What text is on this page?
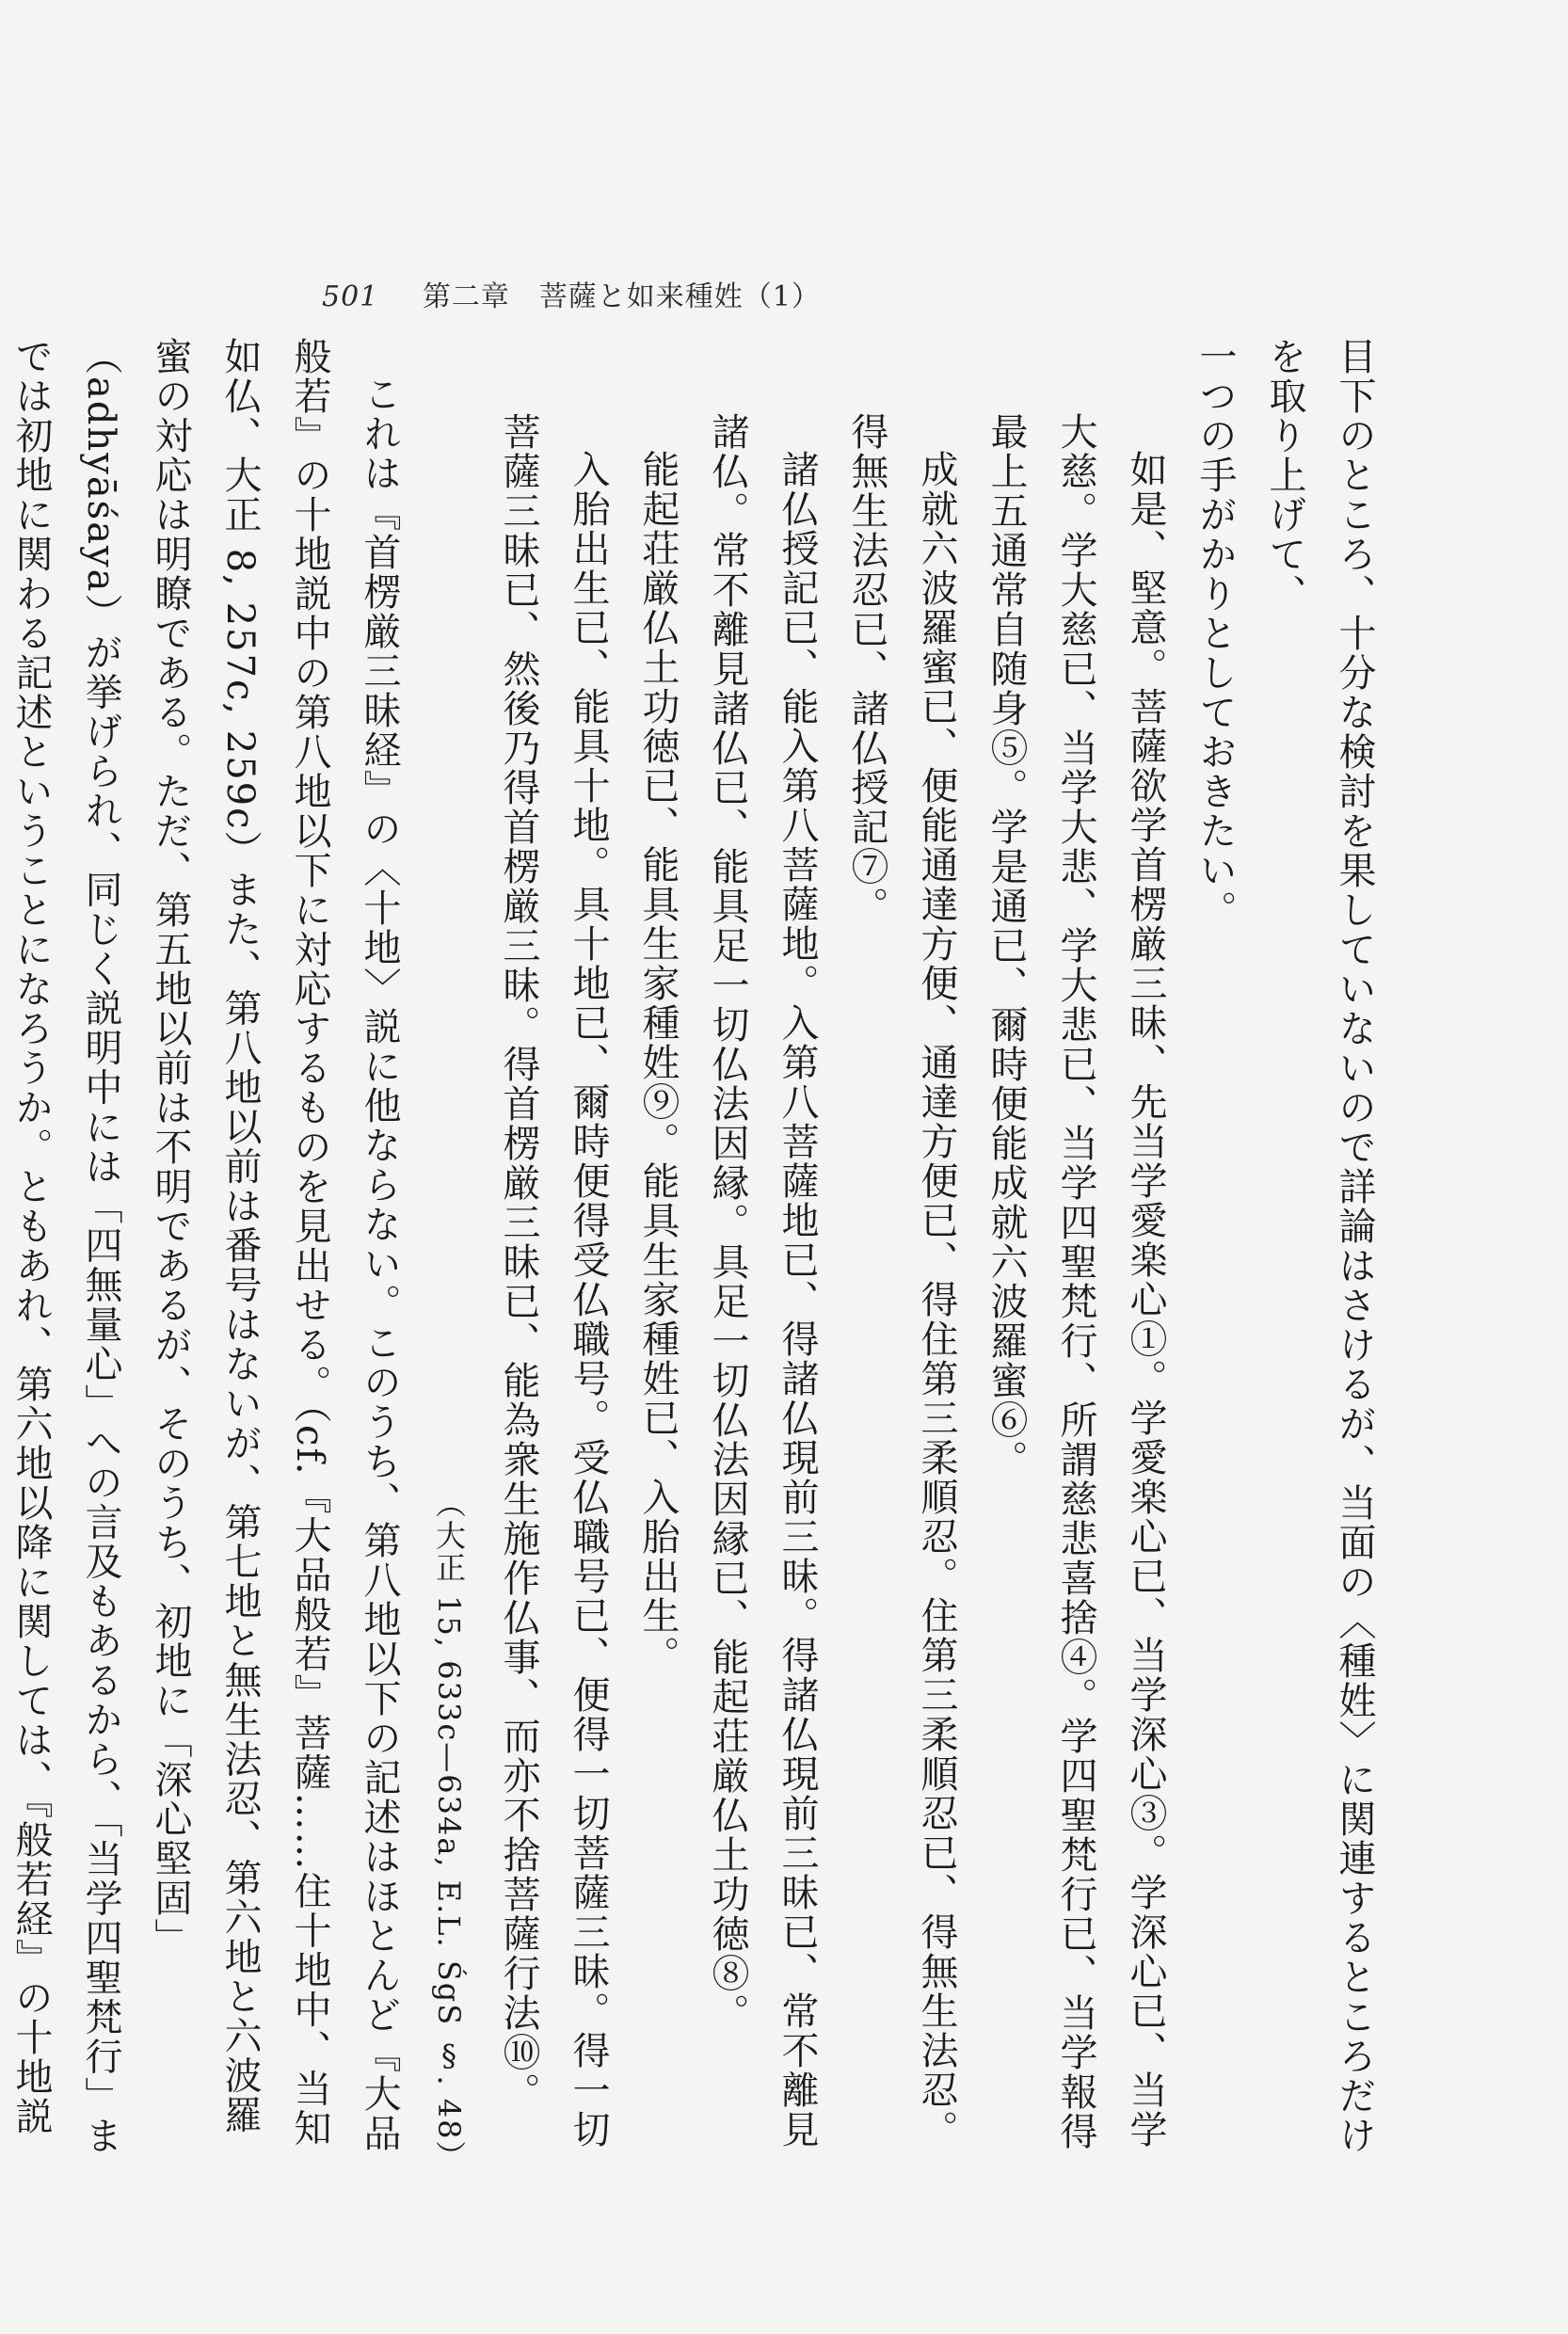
501 第二章　菩薩と如来種姓（1）

目下のところ、十分な検討を果していないので詳論はさけるが、当面の〈種姓〉に関連するところだけを取り上げて、

一つの手がかりとしておきたい。

如是、堅意。菩薩欲学首楞厳三昧、先当学愛楽心①。学愛楽心已、当学深心③。学深心已、当学大慈。学大慈已、当学大悲、学大悲已、当学四聖梵行、所謂慈悲喜捨④。学四聖梵行已、当学報得最上五通常自随身⑤。学是通已、爾時便能成就六波羅蜜⑥。

成就六波羅蜜已、便能通達方便、通達方便已、得住第三柔順忍。住第三柔順忍已、得無生法忍。得無生法忍已、諸仏授記⑦。

諸仏授記已、能入第八菩薩地。入第八菩薩地已、得諸仏現前三昧。得諸仏現前三昧已、常不離見諸仏。常不離見諸仏已、能具足一切仏法因縁。具足一切仏法因縁已、能起荘厳仏土功徳⑧。

能起荘厳仏土功徳已、能具生家種姓⑨。能具生家種姓已、入胎出生。

入胎出生已、能具十地。具十地已、爾時便得受仏職号。受仏職号已、便得一切菩薩三昧。得一切菩薩三昧已、然後乃得首楞厳三昧。得首楞厳三昧已、能為衆生施作仏事、而亦不捨菩薩行法⑩。

（大正 15, 633c—634a, E.L. ŚgS §. 48）

これは『首楞厳三昧経』の〈十地〉説に他ならない。このうち、第八地以下の記述はほとんど『大品般若』の十地説中の第八地以下に対応するものを見出せる。（cf.『大品般若』菩薩……住十地中、当知如仏、大正 8, 257c, 259c）また、第八地以前は番号はないが、第七地と無生法忍、第六地と六波羅蜜の対応は明瞭である。ただ、第五地以前は不明であるが、そのうち、初地に「深心堅固」（adhyāśaya）が挙げられ、同じく説明中には「四無量心」への言及もあるから、「当学四聖梵行」までは初地に関わる記述ということになろうか。ともあれ、第六地以降に関しては、『般若経』の十地説
